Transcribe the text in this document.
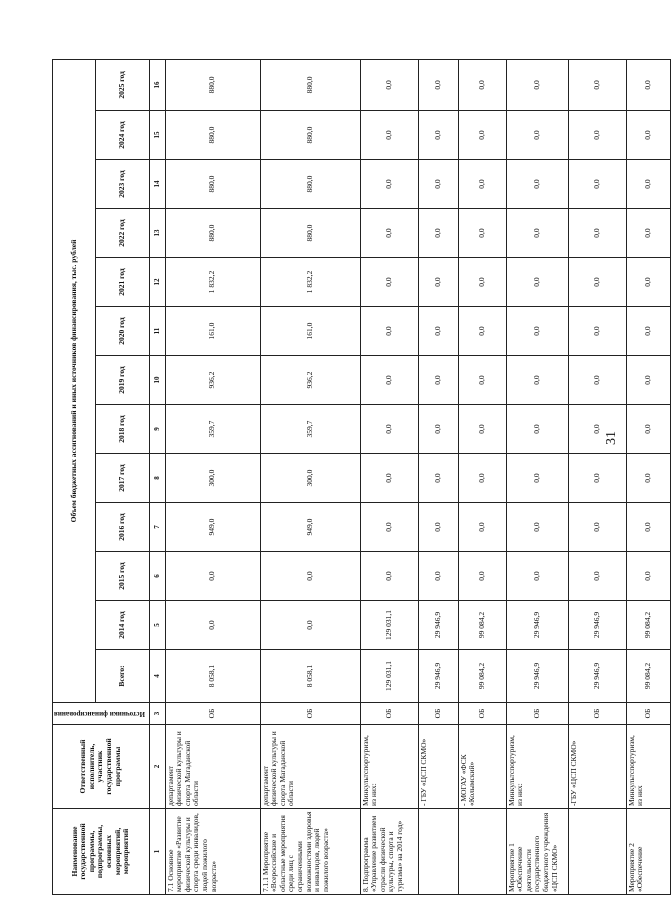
31
Наименование государственной программы, подпрограммы, основных мероприятий, мероприятий	Ответственный исполнитель, участник государственной программы	Источники финансирования	Объем бюджетных ассигнований и иных источников финансирования, тыс. рублей												
			Всего:	2014 год	2015 год	2016 год	2017 год	2018 год	2019 год	2020 год	2021 год	2022 год	2023 год	2024 год	2025 год
1	2	3	4	5	6	7	8	9	10	11	12	13	14	15	16
7.1 Основное мероприятие «Развитие физической культуры и спорта среди инвалидов, людей пожилого возраста»	департамент физической культуры и спорта Магаданской области	ОБ	8 058,1	0,0	0,0	949,0	300,0	359,7	936,2	161,0	1 832,2	880,0	880,0	880,0	880,0
7.1.1 Мероприятие «Всероссийские и областные мероприятия среди лиц с ограниченными возможностями здоровья и инвалидов, людей пожилого возраста»	департамент физической культуры и спорта Магаданской области	ОБ	8 058,1	0,0	0,0	949,0	300,0	359,7	936,2	161,0	1 832,2	880,0	880,0	880,0	880,0
8. Подпрограмма «Управление развитием отрасли физической культуры, спорта и туризма» на 2014 год»	Минкультспортуризм, из них:	ОБ	129 031,1	129 031,1	0,0	0,0	0,0	0,0	0,0	0,0	0,0	0,0	0,0	0,0	0,0
	- ГБУ «ЦСП СКМО»	ОБ	29 946,9	29 946,9	0,0	0,0	0,0	0,0	0,0	0,0	0,0	0,0	0,0	0,0	0,0
	- МОГАУ «ФСК «Колымский»	ОБ	99 084,2	99 084,2	0,0	0,0	0,0	0,0	0,0	0,0	0,0	0,0	0,0	0,0	0,0
Мероприятие 1 «Обеспечение деятельности государственного бюджетного учреждения «ЦСП СКМО»	Минкультспортуризм, из них:	ОБ	29 946,9	29 946,9	0,0	0,0	0,0	0,0	0,0	0,0	0,0	0,0	0,0	0,0	0,0
	-ГБУ «ЦСП СКМО»	ОБ	29 946,9	29 946,9	0,0	0,0	0,0	0,0	0,0	0,0	0,0	0,0	0,0	0,0	0,0
Мероприятие 2 «Обеспечение	Минкультспортуризм, из них	ОБ	99 084,2	99 084,2	0,0	0,0	0,0	0,0	0,0	0,0	0,0	0,0	0,0	0,0	0,0
